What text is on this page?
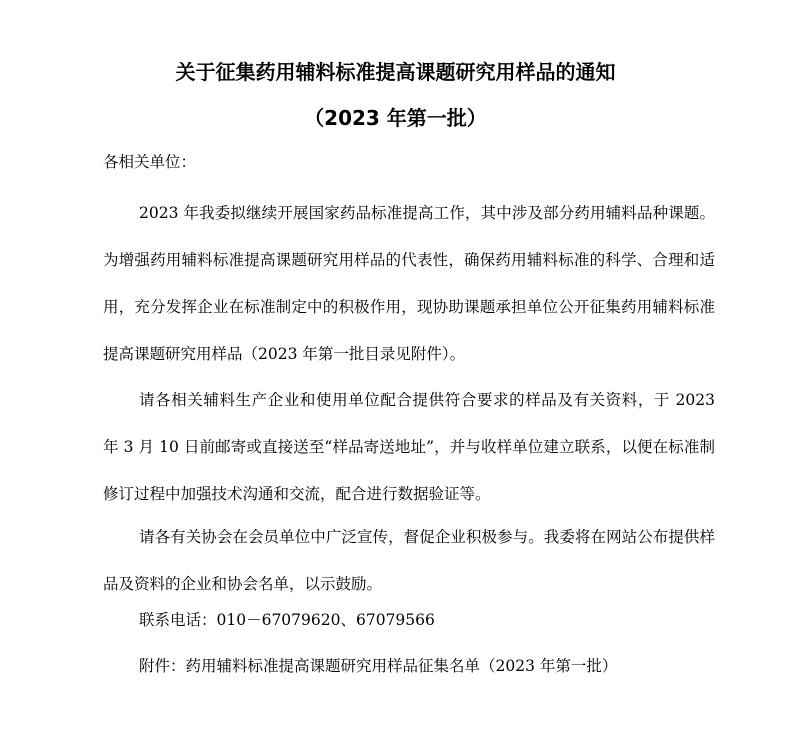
关于征集药用辅料标准提高课题研究用样品的通知
（2023 年第一批）
各相关单位：

2023 年我委拟继续开展国家药品标准提高工作，其中涉及部分药用辅料品种课题。为增强药用辅料标准提高课题研究用样品的代表性，确保药用辅料标准的科学、合理和适用，充分发挥企业在标准制定中的积极作用，现协助课题承担单位公开征集药用辅料标准提高课题研究用样品（2023 年第一批目录见附件）。

请各相关辅料生产企业和使用单位配合提供符合要求的样品及有关资料，于 2023 年 3 月 10 日前邮寄或直接送至“样品寄送地址”，并与收样单位建立联系，以便在标准制修订过程中加强技术沟通和交流，配合进行数据验证等。

请各有关协会在会员单位中广泛宣传，督促企业积极参与。我委将在网站公布提供样品及资料的企业和协会名单，以示鼓励。

联系电话：010－67079620、67079566
附件：药用辅料标准提高课题研究用样品征集名单（2023 年第一批）
